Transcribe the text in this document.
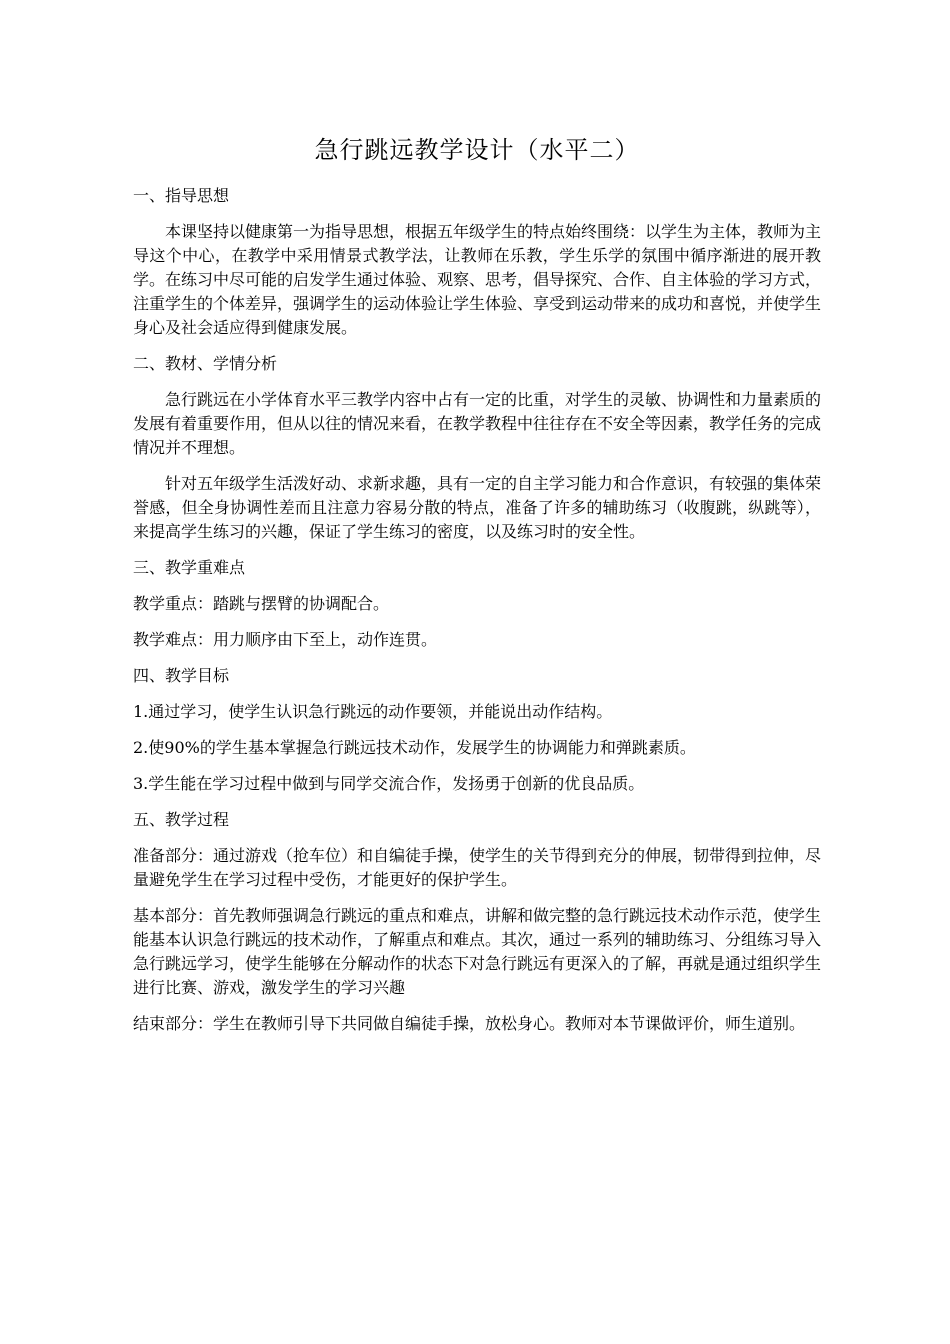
急行跳远教学设计（水平二）

一、指导思想

本课坚持以健康第一为指导思想，根据五年级学生的特点始终围绕：以学生为主体，教师为主导这个中心，在教学中采用情景式教学法，让教师在乐教，学生乐学的氛围中循序渐进的展开教学。在练习中尽可能的启发学生通过体验、观察、思考，倡导探究、合作、自主体验的学习方式，注重学生的个体差异，强调学生的运动体验让学生体验、享受到运动带来的成功和喜悦，并使学生身心及社会适应得到健康发展。

二、教材、学情分析

急行跳远在小学体育水平三教学内容中占有一定的比重，对学生的灵敏、协调性和力量素质的发展有着重要作用，但从以往的情况来看，在教学教程中往往存在不安全等因素，教学任务的完成情况并不理想。

针对五年级学生活泼好动、求新求趣，具有一定的自主学习能力和合作意识，有较强的集体荣誉感，但全身协调性差而且注意力容易分散的特点，准备了许多的辅助练习（收腹跳，纵跳等），来提高学生练习的兴趣，保证了学生练习的密度，以及练习时的安全性。

三、教学重难点

教学重点：踏跳与摆臂的协调配合。

教学难点：用力顺序由下至上，动作连贯。

四、教学目标

1.通过学习，使学生认识急行跳远的动作要领，并能说出动作结构。

2.使90%的学生基本掌握急行跳远技术动作，发展学生的协调能力和弹跳素质。

3.学生能在学习过程中做到与同学交流合作，发扬勇于创新的优良品质。

五、教学过程

准备部分：通过游戏（抢车位）和自编徒手操，使学生的关节得到充分的伸展，韧带得到拉伸，尽量避免学生在学习过程中受伤，才能更好的保护学生。

基本部分：首先教师强调急行跳远的重点和难点，讲解和做完整的急行跳远技术动作示范，使学生能基本认识急行跳远的技术动作，了解重点和难点。其次，通过一系列的辅助练习、分组练习导入急行跳远学习，使学生能够在分解动作的状态下对急行跳远有更深入的了解，再就是通过组织学生进行比赛、游戏，激发学生的学习兴趣

结束部分：学生在教师引导下共同做自编徒手操，放松身心。教师对本节课做评价，师生道别。
